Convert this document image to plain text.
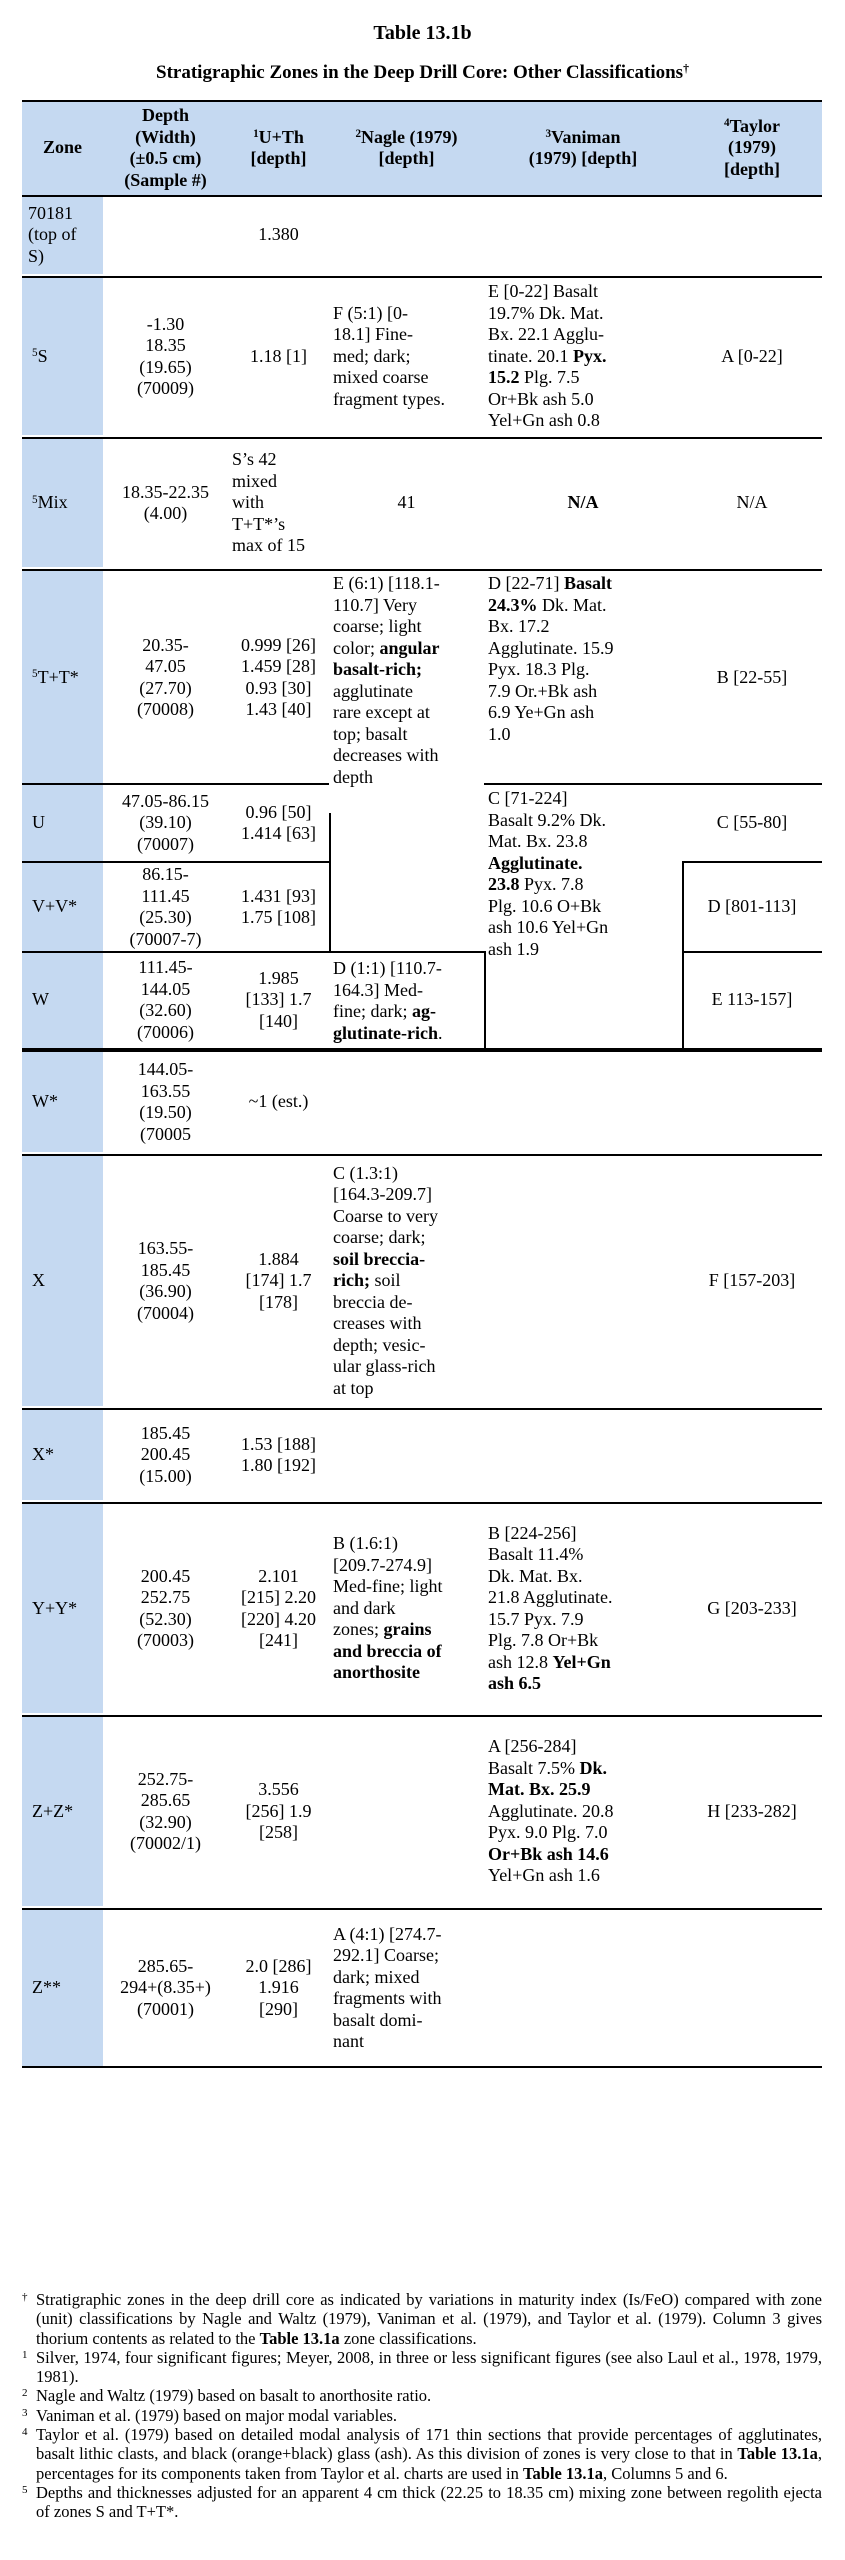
Table 13.1b
Stratigraphic Zones in the Deep Drill Core: Other Classifications†
Zone
Depth
(Width)
(±0.5 cm)
(Sample #)
$^1$U+Th
[depth]
$^2$Nagle (1979)
[depth]
$^3$Vaniman
(1979) [depth]
$^4$Taylor
(1979)
[depth]
70181
(top of
S)
$^5$S
$^5$Mix
$^5$T+T*
U
V+V*
W
W*
X
X*
Y+Y*
Z+Z*
Z**
1.380
-1.30
18.35
(19.65)
(70009)
1.18 [1]
F (5:1) [0-
18.1] Fine-
med; dark;
mixed coarse
fragment types.
E [0-22] Basalt
19.7% Dk. Mat.
Bx. 22.1 Agglu-
tinate. 20.1 Pyx.
15.2 Plg. 7.5
Or+Bk ash 5.0
Yel+Gn ash 0.8
A [0-22]
18.35-22.35
(4.00)
S’s 42
mixed
with
T+T*’s
max of 15
41	N/A	N/A
20.35-
47.05
(27.70)
(70008)
0.999 [26]
1.459 [28]
0.93 [30]
1.43 [40]
E (6:1) [118.1-
110.7] Very
coarse; light
color; angular
basalt-rich;
agglutinate
rare except at
top; basalt
decreases with
depth
D [22-71] Basalt
24.3% Dk. Mat.
Bx. 17.2
Agglutinate. 15.9
Pyx. 18.3 Plg.
7.9 Or.+Bk ash
6.9 Ye+Gn ash
1.0
B [22-55]
47.05-86.15
(39.10)
(70007)
0.96 [50]
1.414 [63]
C [71-224]
Basalt 9.2% Dk.
Mat. Bx. 23.8
Agglutinate.
23.8 Pyx. 7.8
Plg. 10.6 O+Bk
ash 10.6 Yel+Gn
ash 1.9
C [55-80]
86.15-
111.45
(25.30)
(70007-7)
1.431 [93]
1.75 [108]
D [801-113]
111.45-
144.05
(32.60)
(70006)
1.985
[133] 1.7
[140]
D (1:1) [110.7-
164.3] Med-
fine; dark; ag-
glutinate-rich.
E 113-157]
144.05-
163.55
(19.50)
(70005
~1 (est.)
163.55-
185.45
(36.90)
(70004)
1.884
[174] 1.7
[178]
C (1.3:1)
[164.3-209.7]
Coarse to very
coarse; dark;
soil breccia-
rich; soil
breccia de-
creases with
depth; vesic-
ular glass-rich
at top
F [157-203]
185.45
200.45
(15.00)
1.53 [188]
1.80 [192]
200.45
252.75
(52.30)
(70003)
2.101
[215] 2.20
[220] 4.20
[241]
B (1.6:1)
[209.7-274.9]
Med-fine; light
and dark
zones; grains
and breccia of
anorthosite
B [224-256]
Basalt 11.4%
Dk. Mat. Bx.
21.8 Agglutinate.
15.7 Pyx. 7.9
Plg. 7.8 Or+Bk
ash 12.8 Yel+Gn
ash 6.5
G [203-233]
252.75-
285.65
(32.90)
(70002/1)
3.556
[256] 1.9
[258]
A [256-284]
Basalt 7.5% Dk.
Mat. Bx. 25.9
Agglutinate. 20.8
Pyx. 9.0 Plg. 7.0
Or+Bk ash 14.6
Yel+Gn ash 1.6
H [233-282]
285.65-
294+(8.35+)
(70001)
2.0 [286]
1.916
[290]
A (4:1) [274.7-
292.1] Coarse;
dark; mixed
fragments with
basalt domi-
nant

† Stratigraphic zones in the deep drill core as indicated by variations in maturity index (Is/FeO) compared with zone (unit) classifications by Nagle and Waltz (1979), Vaniman et al. (1979), and Taylor et al. (1979). Column 3 gives thorium contents as related to the Table 13.1a zone classifications.

1 Silver, 1974, four significant figures; Meyer, 2008, in three or less significant figures (see also Laul et al., 1978, 1979, 1981).

2 Nagle and Waltz (1979) based on basalt to anorthosite ratio.

3 Vaniman et al. (1979) based on major modal variables.

4 Taylor et al. (1979) based on detailed modal analysis of 171 thin sections that provide percentages of agglutinates, basalt lithic clasts, and black (orange+black) glass (ash). As this division of zones is very close to that in Table 13.1a, percentages for its components taken from Taylor et al. charts are used in Table 13.1a, Columns 5 and 6.

5 Depths and thicknesses adjusted for an apparent 4 cm thick (22.25 to 18.35 cm) mixing zone between regolith ejecta of zones S and T+T*.
